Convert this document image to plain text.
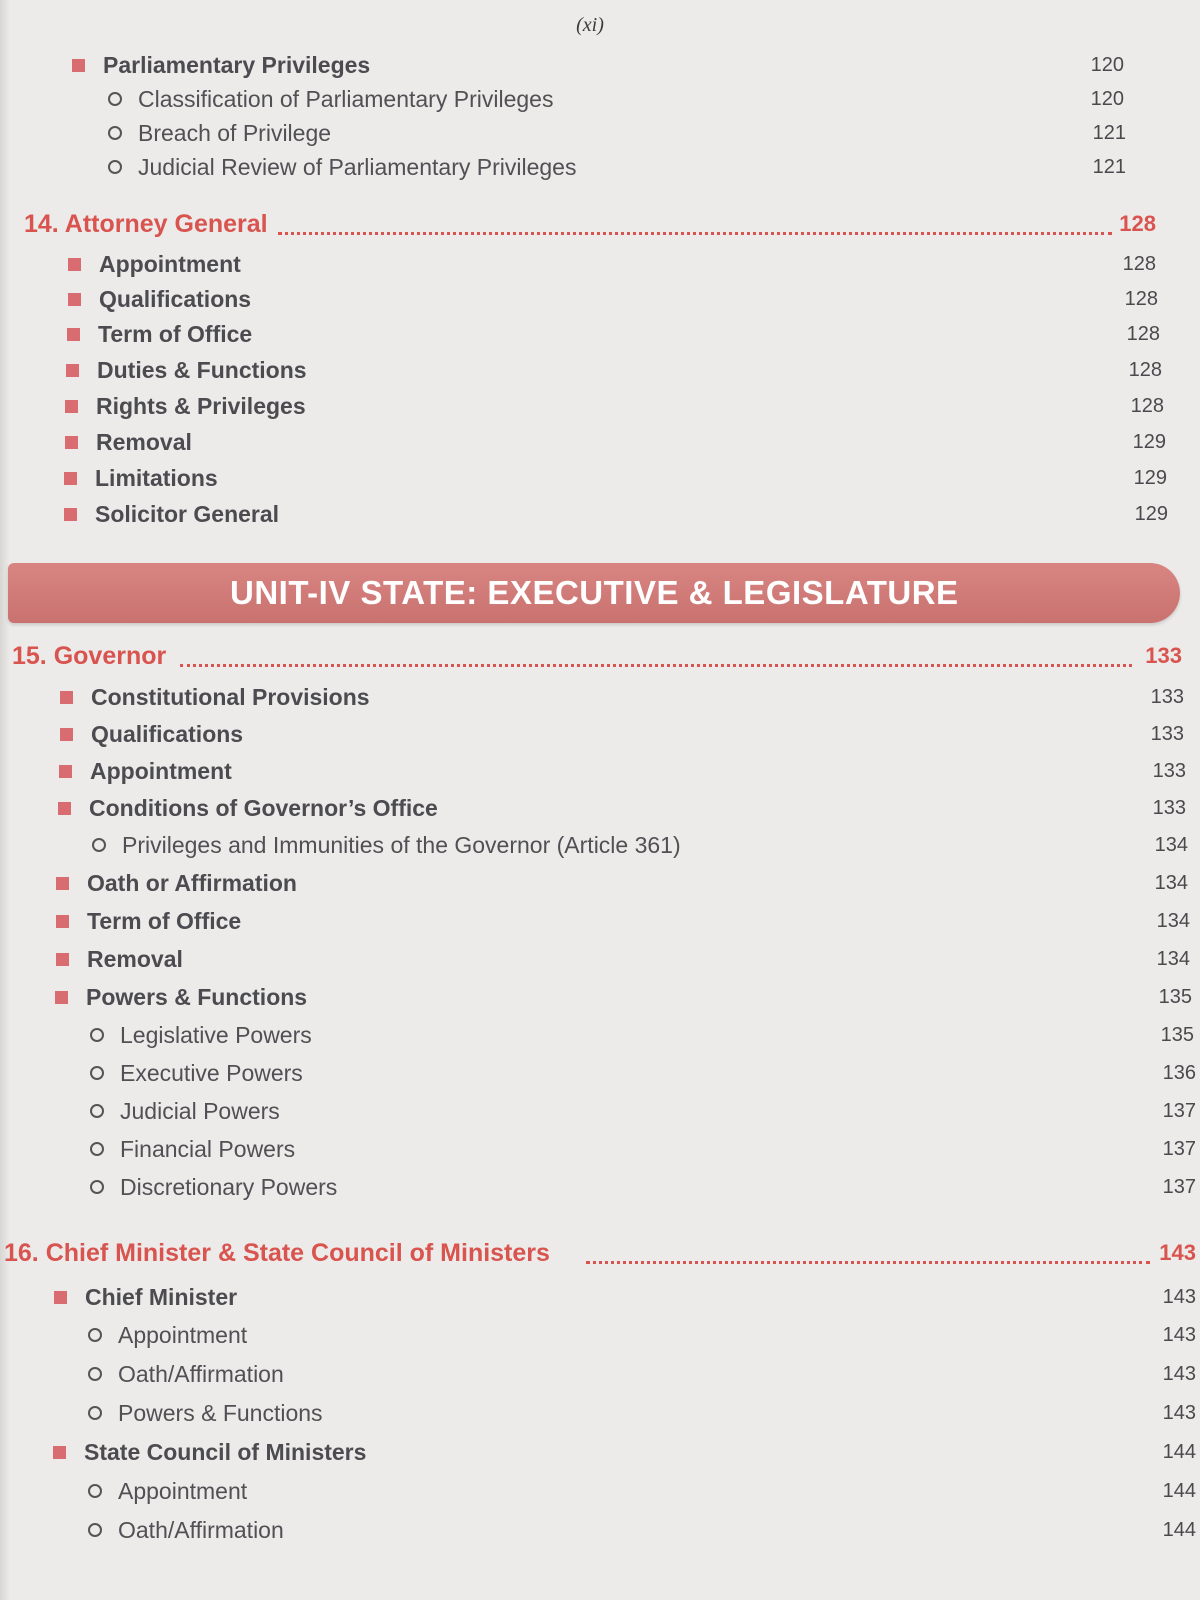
(xi)
Parliamentary Privileges	120
Classification of Parliamentary Privileges	120
Breach of Privilege	121
Judicial Review of Parliamentary Privileges	121
14. Attorney General	128
Appointment	128
Qualifications	128
Term of Office	128
Duties & Functions	128
Rights & Privileges	128
Removal	129
Limitations	129
Solicitor General	129
UNIT-IV STATE: EXECUTIVE & LEGISLATURE
15. Governor	133
Constitutional Provisions	133
Qualifications	133
Appointment	133
Conditions of Governor’s Office	133
Privileges and Immunities of the Governor (Article 361)	134
Oath or Affirmation	134
Term of Office	134
Removal	134
Powers & Functions	135
Legislative Powers	135
Executive Powers	136
Judicial Powers	137
Financial Powers	137
Discretionary Powers	137
16. Chief Minister & State Council of Ministers	143
Chief Minister	143
Appointment	143
Oath/Affirmation	143
Powers & Functions	143
State Council of Ministers	144
Appointment	144
Oath/Affirmation	144
